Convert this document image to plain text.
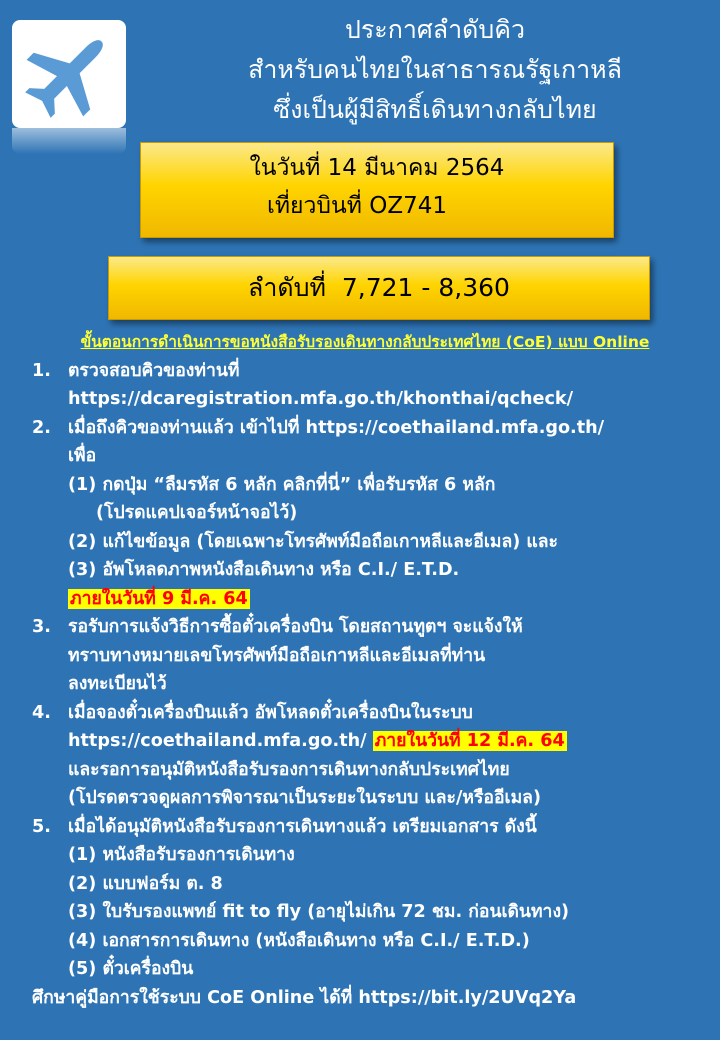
ประกาศลำดับคิว
สำหรับคนไทยในสาธารณรัฐเกาหลี
ซึ่งเป็นผู้มีสิทธิ์เดินทางกลับไทย
ในวันที่ 14 มีนาคม 2564
เที่ยวบินที่ OZ741
ลำดับที่  7,721 - 8,360
ขั้นตอนการดำเนินการขอหนังสือรับรองเดินทางกลับประเทศไทย (CoE) แบบ Online
1. ตรวจสอบคิวของท่านที่
https://dcaregistration.mfa.go.th/khonthai/qcheck/
2. เมื่อถึงคิวของท่านแล้ว เข้าไปที่ https://coethailand.mfa.go.th/
เพื่อ
(1) กดปุ่ม “ลืมรหัส 6 หลัก คลิกที่นี่” เพื่อรับรหัส 6 หลัก
(โปรดแคปเจอร์หน้าจอไว้)
(2) แก้ไขข้อมูล (โดยเฉพาะโทรศัพท์มือถือเกาหลีและอีเมล) และ
(3) อัพโหลดภาพหนังสือเดินทาง หรือ C.I./ E.T.D.
ภายในวันที่ 9 มี.ค. 64
3. รอรับการแจ้งวิธีการซื้อตั๋วเครื่องบิน โดยสถานทูตฯ จะแจ้งให้
ทราบทางหมายเลขโทรศัพท์มือถือเกาหลีและอีเมลที่ท่าน
ลงทะเบียนไว้
4. เมื่อจองตั๋วเครื่องบินแล้ว อัพโหลดตั๋วเครื่องบินในระบบ
https://coethailand.mfa.go.th/ ภายในวันที่ 12 มี.ค. 64
และรอการอนุมัติหนังสือรับรองการเดินทางกลับประเทศไทย
(โปรดตรวจดูผลการพิจารณาเป็นระยะในระบบ และ/หรืออีเมล)
5. เมื่อได้อนุมัติหนังสือรับรองการเดินทางแล้ว เตรียมเอกสาร ดังนี้
(1) หนังสือรับรองการเดินทาง
(2) แบบฟอร์ม ต. 8
(3) ใบรับรองแพทย์ fit to fly (อายุไม่เกิน 72 ชม. ก่อนเดินทาง)
(4) เอกสารการเดินทาง (หนังสือเดินทาง หรือ C.I./ E.T.D.)
(5) ตั๋วเครื่องบิน
ศึกษาคู่มือการใช้ระบบ CoE Online ได้ที่ https://bit.ly/2UVq2Ya
